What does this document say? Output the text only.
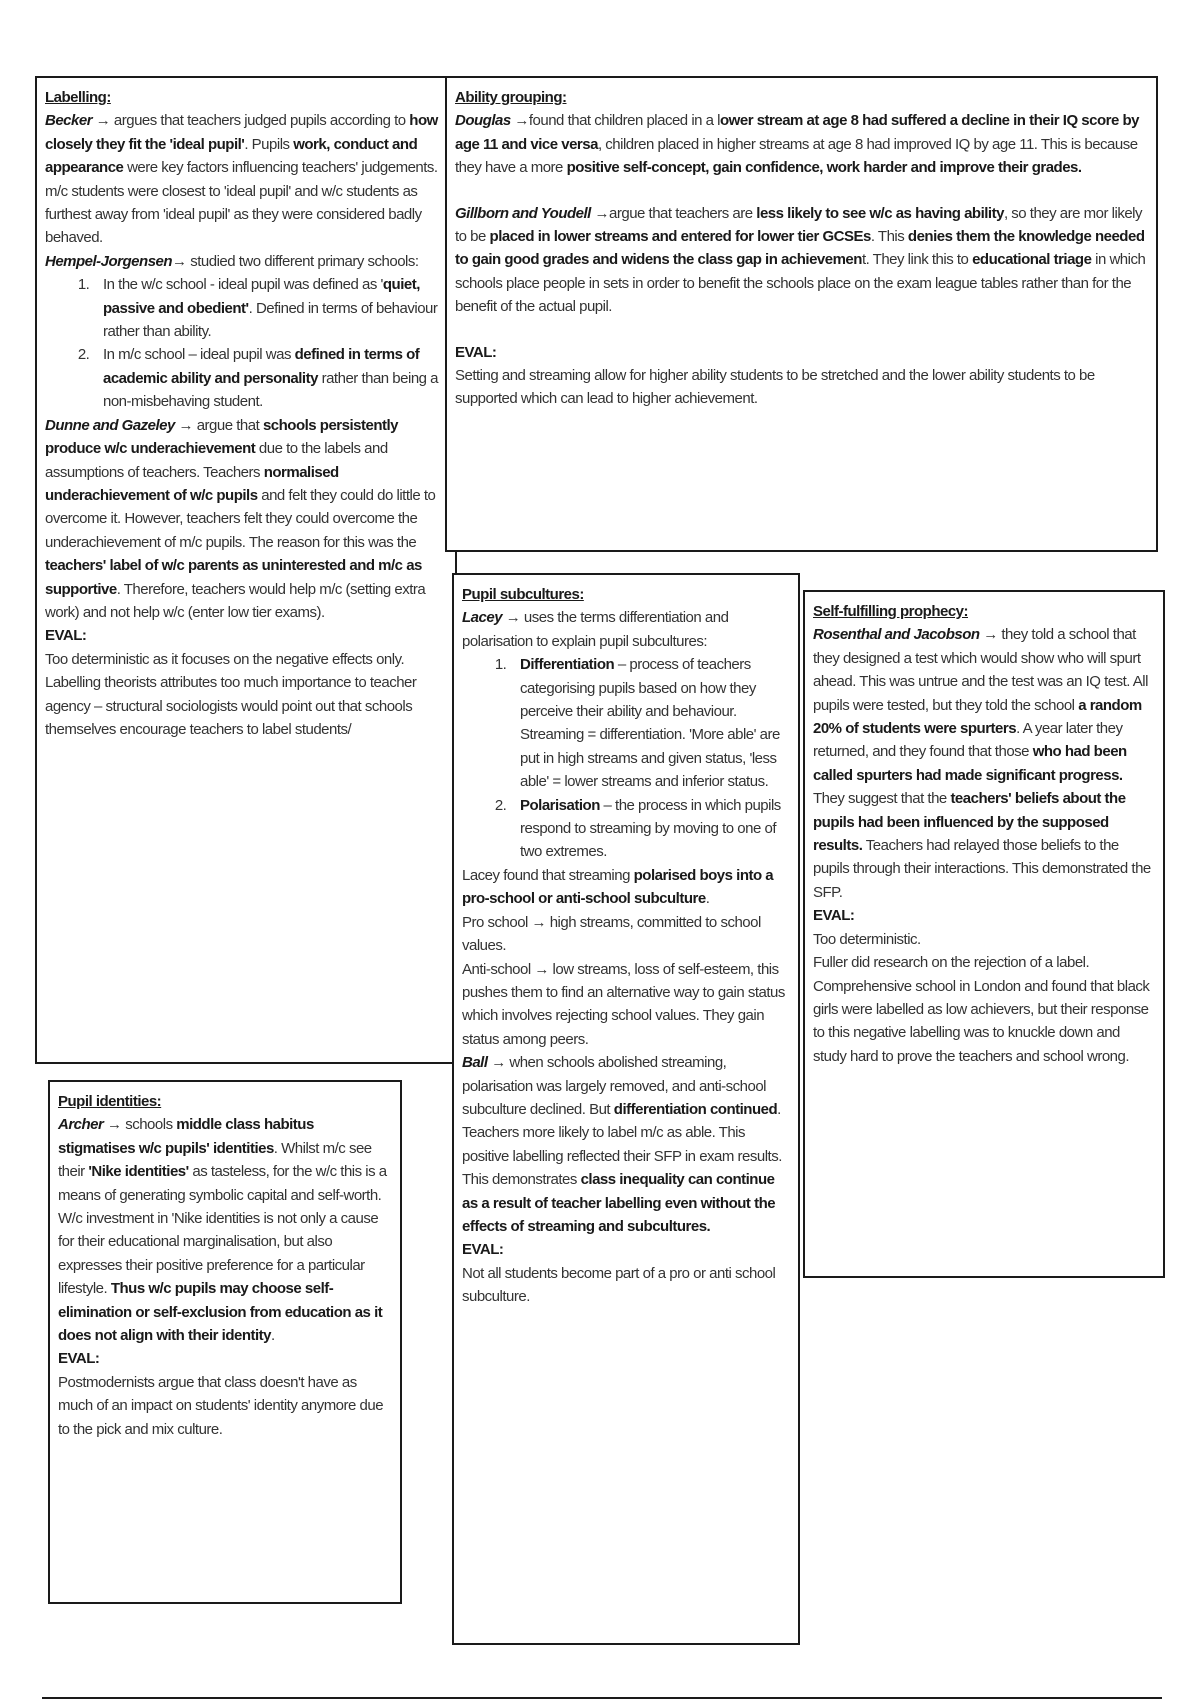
Labelling:

Becker → argues that teachers judged pupils according to how closely they fit the 'ideal pupil'. Pupils work, conduct and appearance were key factors influencing teachers' judgements. m/c students were closest to 'ideal pupil' and w/c students as furthest away from 'ideal pupil' as they were considered badly behaved.

Hempel-Jorgensen→ studied two different primary schools:

1. In the w/c school - ideal pupil was defined as 'quiet, passive and obedient'. Defined in terms of behaviour rather than ability.
2. In m/c school – ideal pupil was defined in terms of academic ability and personality rather than being a non-misbehaving student.

Dunne and Gazeley → argue that schools persistently produce w/c underachievement due to the labels and assumptions of teachers. Teachers normalised underachievement of w/c pupils and felt they could do little to overcome it. However, teachers felt they could overcome the underachievement of m/c pupils. The reason for this was the teachers' label of w/c parents as uninterested and m/c as supportive. Therefore, teachers would help m/c (setting extra work) and not help w/c (enter low tier exams).

EVAL:

Too deterministic as it focuses on the negative effects only. Labelling theorists attributes too much importance to teacher agency – structural sociologists would point out that schools themselves encourage teachers to label students/

Ability grouping:

Douglas →found that children placed in a lower stream at age 8 had suffered a decline in their IQ score by age 11 and vice versa, children placed in higher streams at age 8 had improved IQ by age 11. This is because they have a more positive self-concept, gain confidence, work harder and improve their grades.

Gillborn and Youdell →argue that teachers are less likely to see w/c as having ability, so they are mor likely to be placed in lower streams and entered for lower tier GCSEs. This denies them the knowledge needed to gain good grades and widens the class gap in achievement. They link this to educational triage in which schools place people in sets in order to benefit the schools place on the exam league tables rather than for the benefit of the actual pupil.

EVAL:

Setting and streaming allow for higher ability students to be stretched and the lower ability students to be supported which can lead to higher achievement.

Pupil subcultures:

Lacey → uses the terms differentiation and polarisation to explain pupil subcultures:

1. Differentiation – process of teachers categorising pupils based on how they perceive their ability and behaviour. Streaming = differentiation. 'More able' are put in high streams and given status, 'less able' = lower streams and inferior status.
2. Polarisation – the process in which pupils respond to streaming by moving to one of two extremes.

Lacey found that streaming polarised boys into a pro-school or anti-school subculture.

Pro school → high streams, committed to school values.

Anti-school → low streams, loss of self-esteem, this pushes them to find an alternative way to gain status which involves rejecting school values. They gain status among peers.

Ball → when schools abolished streaming, polarisation was largely removed, and anti-school subculture declined. But differentiation continued. Teachers more likely to label m/c as able. This positive labelling reflected their SFP in exam results. This demonstrates class inequality can continue as a result of teacher labelling even without the effects of streaming and subcultures.

EVAL:

Not all students become part of a pro or anti school subculture.

Self-fulfilling prophecy:

Rosenthal and Jacobson → they told a school that they designed a test which would show who will spurt ahead. This was untrue and the test was an IQ test. All pupils were tested, but they told the school a random 20% of students were spurters. A year later they returned, and they found that those who had been called spurters had made significant progress.

They suggest that the teachers' beliefs about the pupils had been influenced by the supposed results. Teachers had relayed those beliefs to the pupils through their interactions. This demonstrated the SFP.

EVAL:

Too deterministic.

Fuller did research on the rejection of a label. Comprehensive school in London and found that black girls were labelled as low achievers, but their response to this negative labelling was to knuckle down and study hard to prove the teachers and school wrong.

Pupil identities:

Archer → schools middle class habitus stigmatises w/c pupils' identities. Whilst m/c see their 'Nike identities' as tasteless, for the w/c this is a means of generating symbolic capital and self-worth. W/c investment in 'Nike identities is not only a cause for their educational marginalisation, but also expresses their positive preference for a particular lifestyle. Thus w/c pupils may choose self-elimination or self-exclusion from education as it does not align with their identity.

EVAL:

Postmodernists argue that class doesn't have as much of an impact on students' identity anymore due to the pick and mix culture.
